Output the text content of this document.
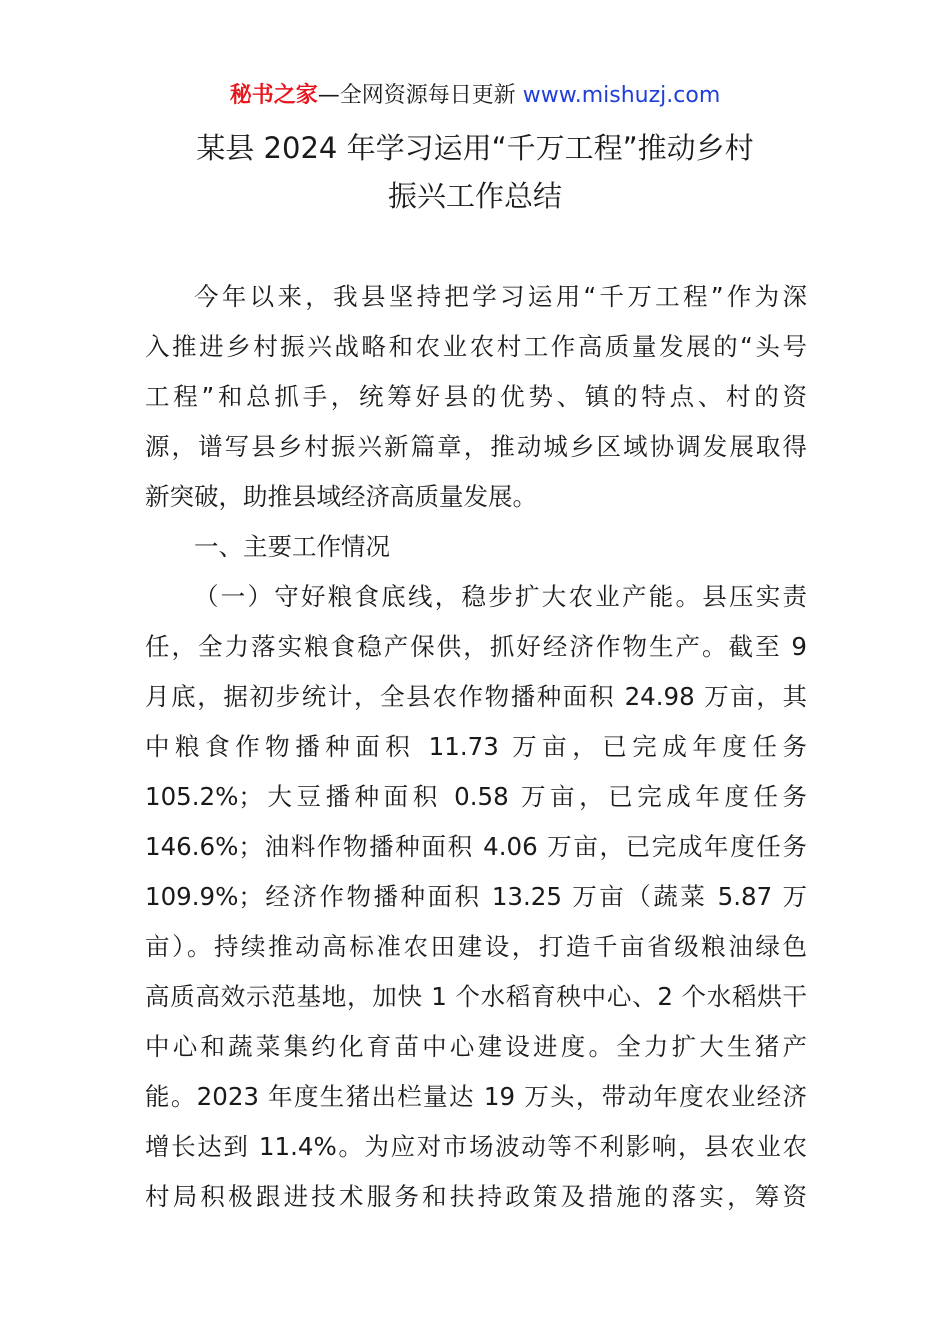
秘书之家—全网资源每日更新 www.mishuzj.com
某县 2024 年学习运用“千万工程”推动乡村
振兴工作总结
今年以来，我县坚持把学习运用“千万工程”作为深
入推进乡村振兴战略和农业农村工作高质量发展的“头号
工程”和总抓手，统筹好县的优势、镇的特点、村的资
源，谱写县乡村振兴新篇章，推动城乡区域协调发展取得
新突破，助推县域经济高质量发展。
一、主要工作情况
（一）守好粮食底线，稳步扩大农业产能。县压实责
任，全力落实粮食稳产保供，抓好经济作物生产。截至 9
月底，据初步统计，全县农作物播种面积 24.98 万亩，其
中粮食作物播种面积 11.73 万亩，已完成年度任务
105.2%；大豆播种面积 0.58 万亩，已完成年度任务
146.6%；油料作物播种面积 4.06 万亩，已完成年度任务
109.9%；经济作物播种面积 13.25 万亩（蔬菜 5.87 万
亩）。持续推动高标准农田建设，打造千亩省级粮油绿色
高质高效示范基地，加快 1 个水稻育秧中心、2 个水稻烘干
中心和蔬菜集约化育苗中心建设进度。全力扩大生猪产
能。2023 年度生猪出栏量达 19 万头，带动年度农业经济
增长达到 11.4%。为应对市场波动等不利影响，县农业农
村局积极跟进技术服务和扶持政策及措施的落实，筹资
